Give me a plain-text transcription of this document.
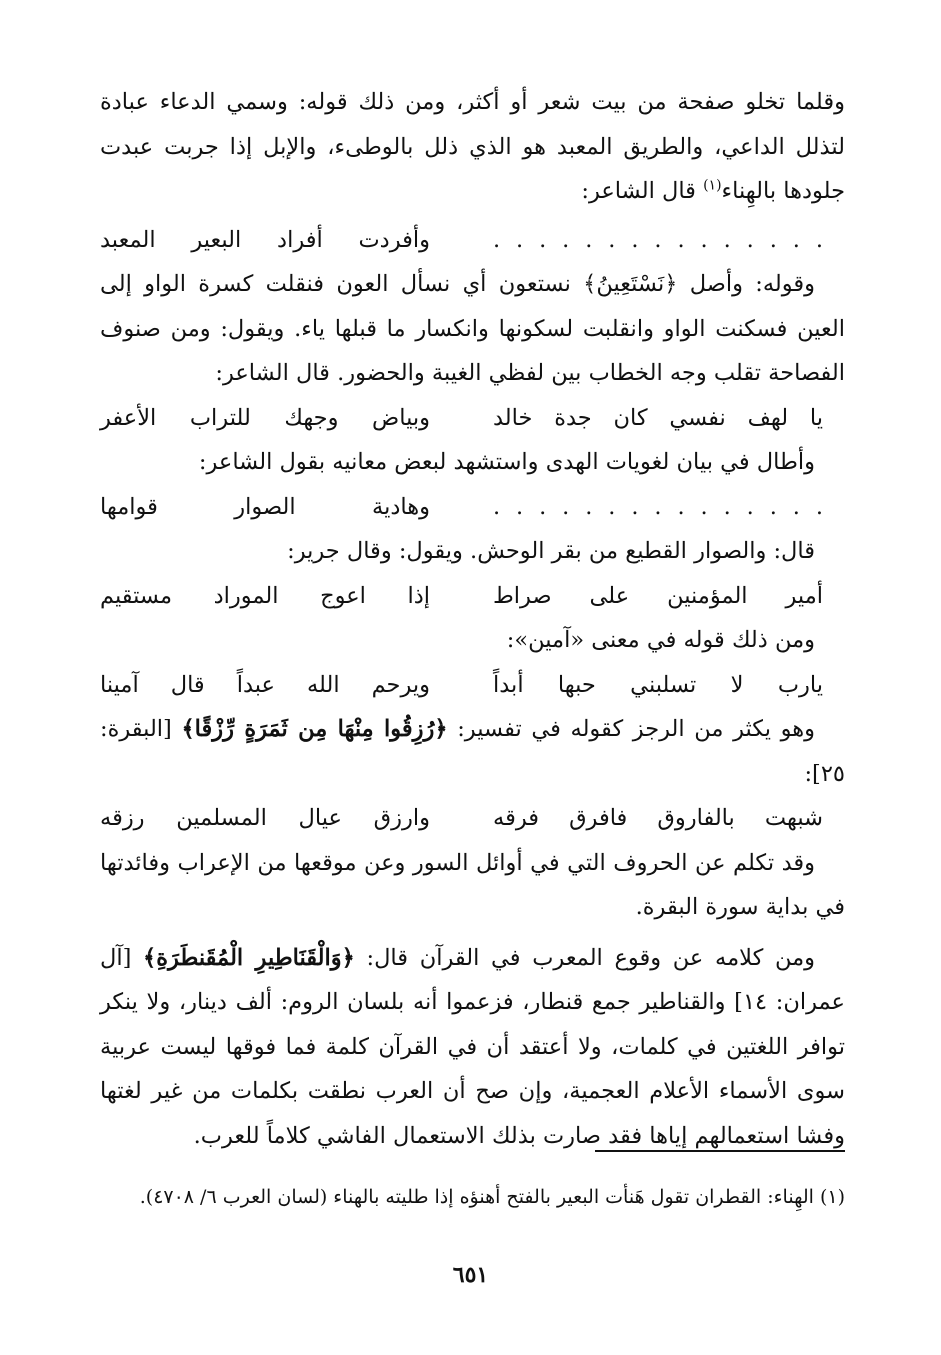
وقلما تخلو صفحة من بيت شعر أو أكثر، ومن ذلك قوله: وسمي الدعاء عبادة لتذلل الداعي، والطريق المعبد هو الذي ذلل بالوطىء، والإبل إذا جربت عبدت جلودها بالهِناء$^{(١)}$ قال الشاعر:

. . . . . . . . . . . . . . .
وأفردت أفراد البعير المعبد

وقوله: وأصل ﴿نَسْتَعِينُ﴾ نستعون أي نسأل العون فنقلت كسرة الواو إلى العين فسكنت الواو وانقلبت لسكونها وانكسار ما قبلها ياء. ويقول: ومن صنوف الفصاحة تقلب وجه الخطاب بين لفظي الغيبة والحضور. قال الشاعر:

يا لهف نفسي كان جدة خالد
وبياض وجهك للتراب الأعفر

وأطال في بيان لغويات الهدى واستشهد لبعض معانيه بقول الشاعر:

. . . . . . . . . . . . . . .
وهادية الصوار قوامها

قال: والصوار القطيع من بقر الوحش. ويقول: وقال جرير:

أمير المؤمنين على صراط
إذا اعوج الموراد مستقيم

ومن ذلك قوله في معنى «آمين»:

يارب لا تسلبني حبها أبداً
ويرحم الله عبداً قال آمينا

وهو يكثر من الرجز كقوله في تفسير: ﴿رُزِقُوا مِنْهَا مِن ثَمَرَةٍ رِّزْقًا﴾ [البقرة: ٢٥]:

شبهت بالفاروق فافرق فرقه
وارزق عيال المسلمين رزقه

وقد تكلم عن الحروف التي في أوائل السور وعن موقعها من الإعراب وفائدتها في بداية سورة البقرة.

ومن كلامه عن وقوع المعرب في القرآن قال: ﴿وَالْقَنَاطِيرِ الْمُقَنطَرَةِ﴾ [آل عمران: ١٤] والقناطير جمع قنطار، فزعموا أنه بلسان الروم: ألف دينار، ولا ينكر توافر اللغتين في كلمات، ولا أعتقد أن في القرآن كلمة فما فوقها ليست عربية سوى الأسماء الأعلام العجمية، وإن صح أن العرب نطقت بكلمات من غير لغتها وفشا استعمالهم إياها فقد صارت بذلك الاستعمال الفاشي كلاماً للعرب.

(١) الهِناء: القطران تقول هَنأت البعير بالفتح أهنؤه إذا طليته بالهناء (لسان العرب ٦/ ٤٧٠٨).

٦٥١
